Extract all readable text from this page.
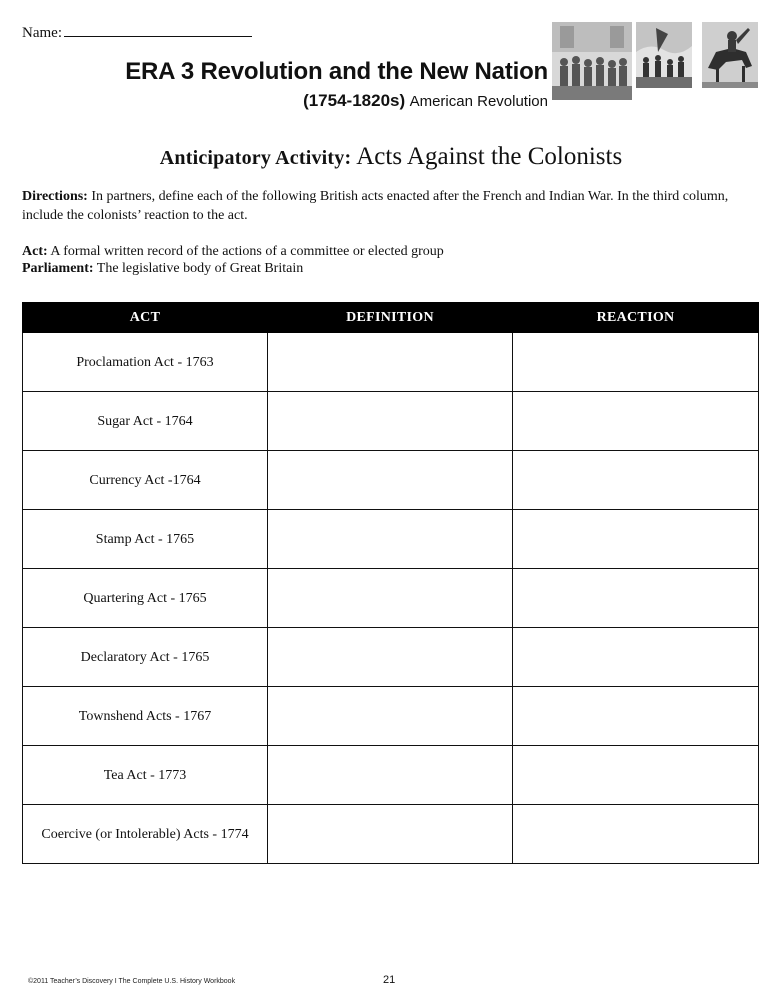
Name:
ERA 3 Revolution and the New Nation
(1754-1820s) American Revolution
Anticipatory Activity: Acts Against the Colonists
Directions: In partners, define each of the following British acts enacted after the French and Indian War. In the third column, include the colonists’ reaction to the act.
Act: A formal written record of the actions of a committee or elected group
Parliament: The legislative body of Great Britain
ACT	DEFINITION	REACTION
Proclamation Act - 1763		
Sugar Act - 1764		
Currency Act -1764		
Stamp Act - 1765		
Quartering Act - 1765		
Declaratory Act - 1765		
Townshend Acts - 1767		
Tea Act - 1773		
Coercive (or Intolerable) Acts - 1774		
©2011 Teacher’s Discovery I The Complete U.S. History Workbook	21
